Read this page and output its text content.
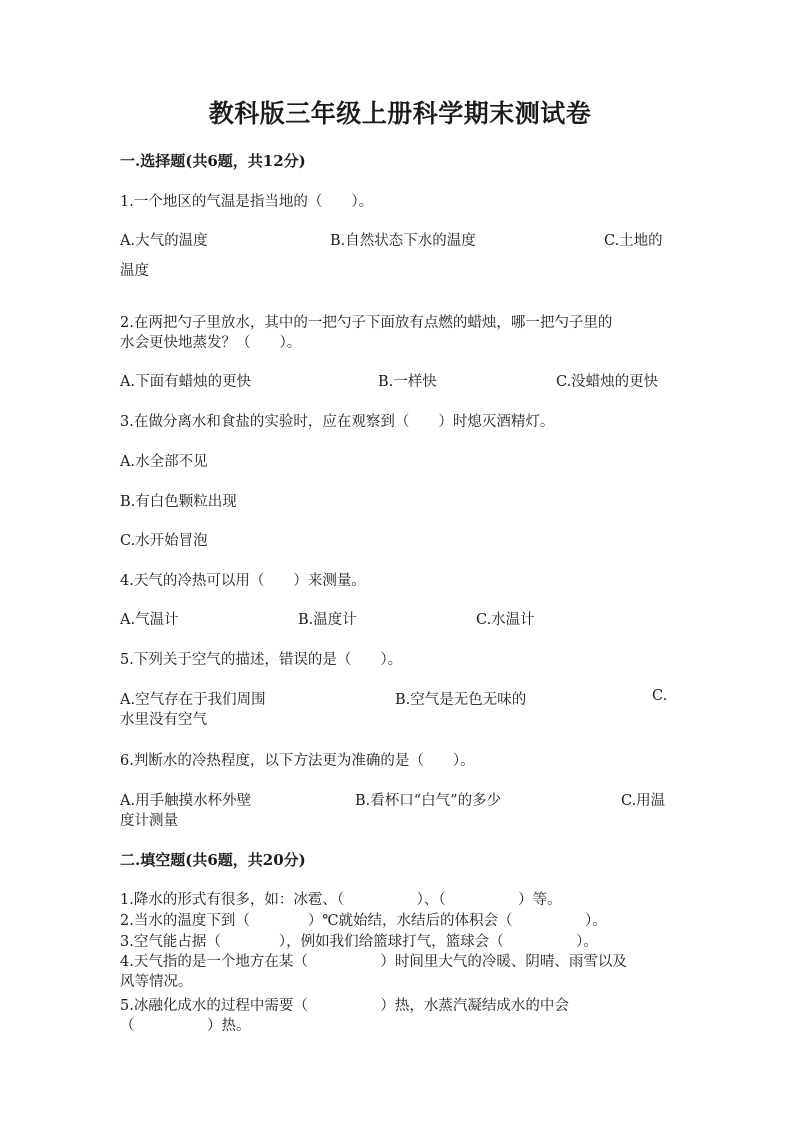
教科版三年级上册科学期末测试卷
一.选择题(共6题，共12分)
1.一个地区的气温是指当地的（　　）。
A.大气的温度	B.自然状态下水的温度	C.土地的
温度
2.在两把勺子里放水，其中的一把勺子下面放有点燃的蜡烛，哪一把勺子里的
水会更快地蒸发？（　　）。
A.下面有蜡烛的更快	B.一样快	C.没蜡烛的更快
3.在做分离水和食盐的实验时，应在观察到（　　）时熄灭酒精灯。
A.水全部不见
B.有白色颗粒出现
C.水开始冒泡
4.天气的冷热可以用（　　）来测量。
A.气温计	B.温度计	C.水温计
5.下列关于空气的描述，错误的是（　　）。
A.空气存在于我们周围	B.空气是无色无味的	C.
水里没有空气
6.判断水的冷热程度，以下方法更为准确的是（　　）。
A.用手触摸水杯外壁	B.看杯口“白气”的多少	C.用温
度计测量
二.填空题(共6题，共20分)
1.降水的形式有很多，如：冰雹、（　　　　　）、（　　　　　）等。
2.当水的温度下到（　　　　）℃就始结，水结后的体积会（　　　　　）。
3.空气能占据（　　　　），例如我们给篮球打气，篮球会（　　　　　）。
4.天气指的是一个地方在某（　　　　　）时间里大气的冷暖、阴晴、雨雪以及
风等情况。
5.冰融化成水的过程中需要（　　　　　）热，水蒸汽凝结成水的中会
（　　　　　）热。
